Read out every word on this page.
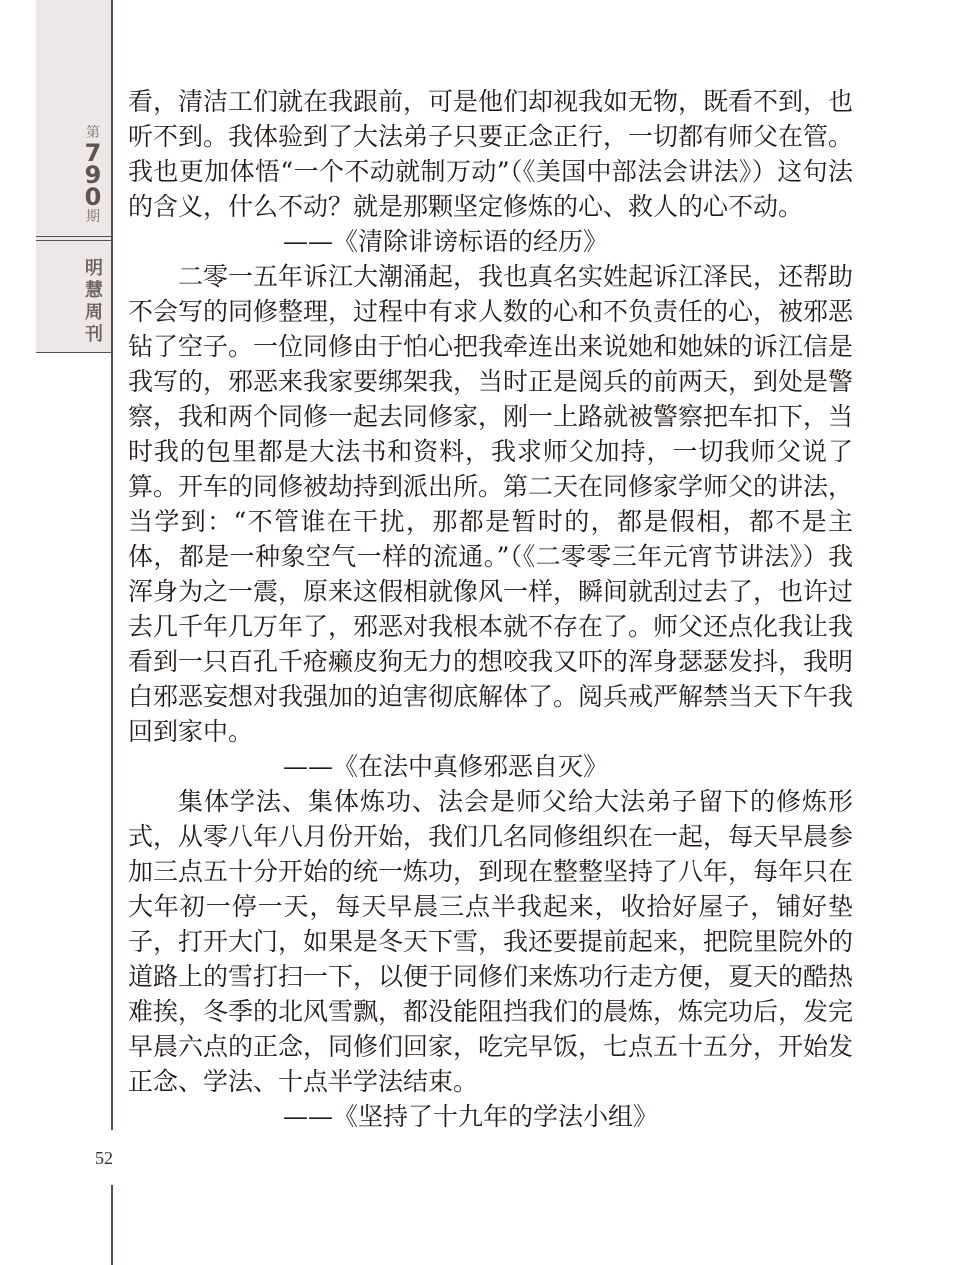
第
7
9
0
期
明
慧
周
刊
52

看，清洁工们就在我跟前，可是他们却视我如无物，既看不到，也听不到。我体验到了大法弟子只要正念正行，一切都有师父在管。我也更加体悟“一个不动就制万动”（《美国中部法会讲法》）这句法的含义，什么不动？就是那颗坚定修炼的心、救人的心不动。

——《清除诽谤标语的经历》

二零一五年诉江大潮涌起，我也真名实姓起诉江泽民，还帮助不会写的同修整理，过程中有求人数的心和不负责任的心，被邪恶钻了空子。一位同修由于怕心把我牵连出来说她和她妹的诉江信是我写的，邪恶来我家要绑架我，当时正是阅兵的前两天，到处是警察，我和两个同修一起去同修家，刚一上路就被警察把车扣下，当时我的包里都是大法书和资料，我求师父加持，一切我师父说了算。开车的同修被劫持到派出所。第二天在同修家学师父的讲法，当学到：“不管谁在干扰，那都是暂时的，都是假相，都不是主体，都是一种象空气一样的流通。”（《二零零三年元宵节讲法》）我浑身为之一震，原来这假相就像风一样，瞬间就刮过去了，也许过去几千年几万年了，邪恶对我根本就不存在了。师父还点化我让我看到一只百孔千疮癞皮狗无力的想咬我又吓的浑身瑟瑟发抖，我明白邪恶妄想对我强加的迫害彻底解体了。阅兵戒严解禁当天下午我回到家中。

——《在法中真修邪恶自灭》

集体学法、集体炼功、法会是师父给大法弟子留下的修炼形式，从零八年八月份开始，我们几名同修组织在一起，每天早晨参加三点五十分开始的统一炼功，到现在整整坚持了八年，每年只在大年初一停一天，每天早晨三点半我起来，收拾好屋子，铺好垫子，打开大门，如果是冬天下雪，我还要提前起来，把院里院外的道路上的雪打扫一下，以便于同修们来炼功行走方便，夏天的酷热难挨，冬季的北风雪飘，都没能阻挡我们的晨炼，炼完功后，发完早晨六点的正念，同修们回家，吃完早饭，七点五十五分，开始发正念、学法、十点半学法结束。

——《坚持了十九年的学法小组》
